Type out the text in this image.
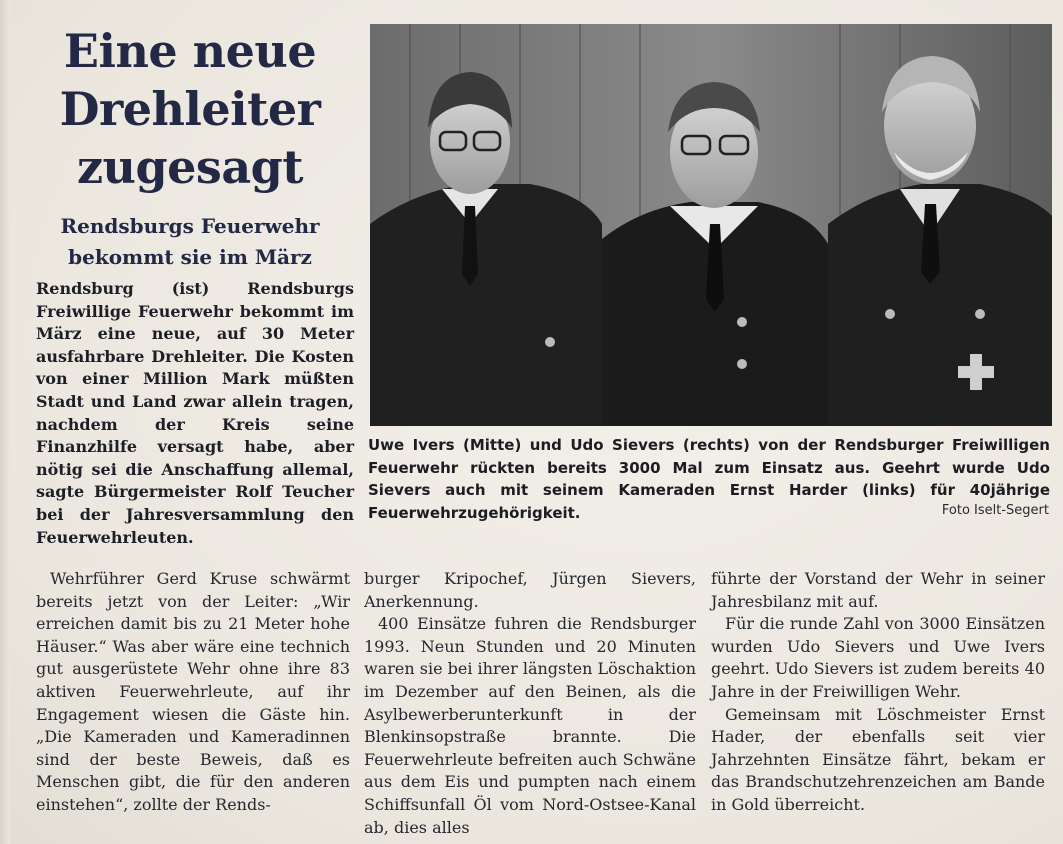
Eine neue Drehleiter zugesagt
Rendsburgs Feuerwehr bekommt sie im März

Rendsburg (ist) Rendsburgs Freiwillige Feuerwehr bekommt im März eine neue, auf 30 Meter ausfahrbare Drehleiter. Die Kosten von einer Million Mark müßten Stadt und Land zwar allein tragen, nachdem der Kreis seine Finanzhilfe versagt habe, aber nötig sei die Anschaffung allemal, sagte Bürgermeister Rolf Teucher bei der Jahresversammlung den Feuerwehrleuten.

Uwe Ivers (Mitte) und Udo Sievers (rechts) von der Rendsburger Freiwilligen Feuerwehr rückten bereits 3000 Mal zum Einsatz aus. Geehrt wurde Udo Sievers auch mit seinem Kameraden Ernst Harder (links) für 40jährige Feuerwehrzugehörigkeit.	Foto Iselt-Segert

Wehrführer Gerd Kruse schwärmt bereits jetzt von der Leiter: „Wir erreichen damit bis zu 21 Meter hohe Häuser.“ Was aber wäre eine technich gut ausgerüstete Wehr ohne ihre 83 aktiven Feuerwehrleute, auf ihr Engagement wiesen die Gäste hin. „Die Kameraden und Kameradinnen sind der beste Beweis, daß es Menschen gibt, die für den anderen einstehen“, zollte der Rends-

burger Kripochef, Jürgen Sievers, Anerkennung.

400 Einsätze fuhren die Rendsburger 1993. Neun Stunden und 20 Minuten waren sie bei ihrer längsten Löschaktion im Dezember auf den Beinen, als die Asylbewerberunterkunft in der Blenkinsopstraße brannte. Die Feuerwehrleute befreiten auch Schwäne aus dem Eis und pumpten nach einem Schiffsunfall Öl vom Nord-Ostsee-Kanal ab, dies alles

führte der Vorstand der Wehr in seiner Jahresbilanz mit auf.

Für die runde Zahl von 3000 Einsätzen wurden Udo Sievers und Uwe Ivers geehrt. Udo Sievers ist zudem bereits 40 Jahre in der Freiwilligen Wehr.

Gemeinsam mit Löschmeister Ernst Hader, der ebenfalls seit vier Jahrzehnten Einsätze fährt, bekam er das Brandschutzehrenzeichen am Bande in Gold überreicht.
